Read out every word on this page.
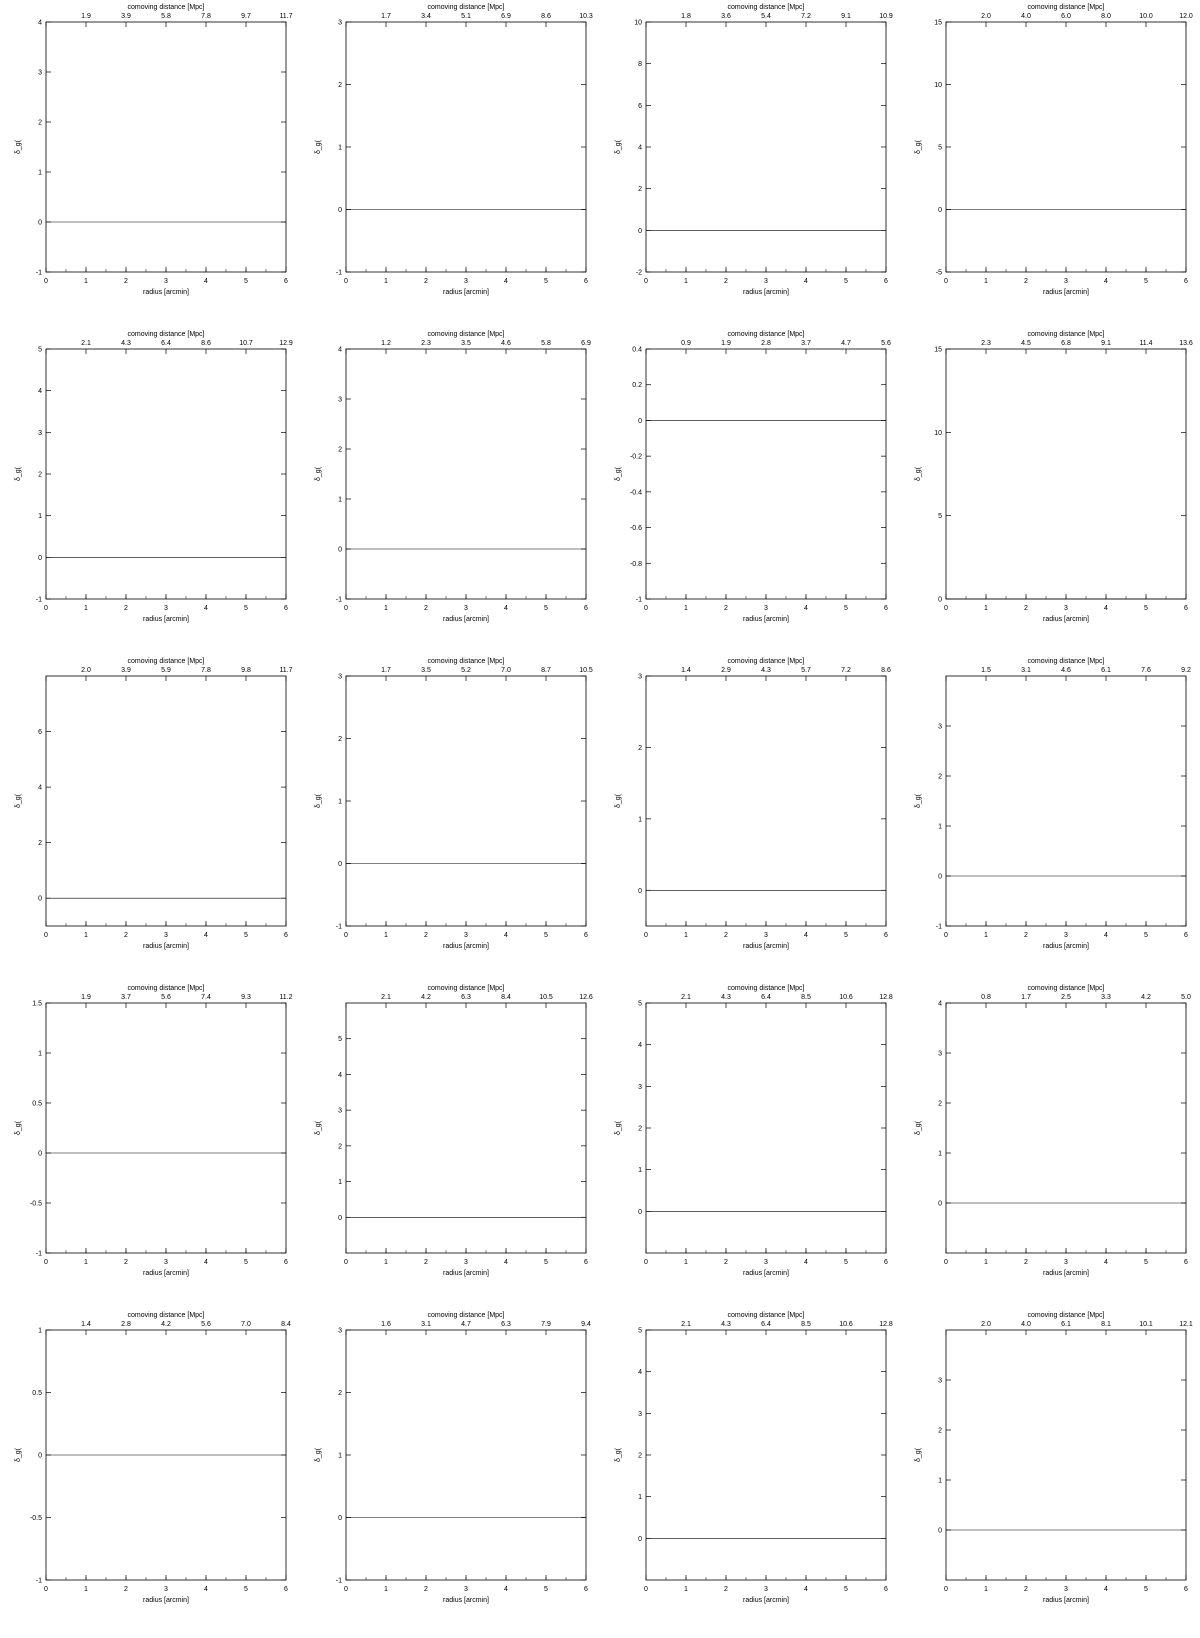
0	1	2	3	4	5	6
-1
0
1
2
3
4
1.9	3.9	5.8	7.8	9.7	11.7
comoving distance [Mpc]
radius [arcmin]
δ_g(
0	1	2	3	4	5	6
-1
0
1
2
3
1.7	3.4	5.1	6.9	8.6	10.3
comoving distance [Mpc]
radius [arcmin]
δ_g(
0	1	2	3	4	5	6
-2
0
2
4
6
8
10
1.8	3.6	5.4	7.2	9.1	10.9
comoving distance [Mpc]
radius [arcmin]
δ_g(
0	1	2	3	4	5	6
-5
0
5
10
15
2.0	4.0	6.0	8.0	10.0	12.0
comoving distance [Mpc]
radius [arcmin]
δ_g(
0	1	2	3	4	5	6
-1
0
1
2
3
4
5
2.1	4.3	6.4	8.6	10.7	12.9
comoving distance [Mpc]
radius [arcmin]
δ_g(
0	1	2	3	4	5	6
-1
0
1
2
3
4
1.2	2.3	3.5	4.6	5.8	6.9
comoving distance [Mpc]
radius [arcmin]
δ_g(
0	1	2	3	4	5	6
-1
-0.8
-0.6
-0.4
-0.2
0
0.2
0.4
0.9	1.9	2.8	3.7	4.7	5.6
comoving distance [Mpc]
radius [arcmin]
δ_g(
0	1	2	3	4	5	6
0
5
10
15
2.3	4.5	6.8	9.1	11.4	13.6
comoving distance [Mpc]
radius [arcmin]
δ_g(
0	1	2	3	4	5	6
0
2
4
6
2.0	3.9	5.9	7.8	9.8	11.7
comoving distance [Mpc]
radius [arcmin]
δ_g(
0	1	2	3	4	5	6
-1
0
1
2
3
1.7	3.5	5.2	7.0	8.7	10.5
comoving distance [Mpc]
radius [arcmin]
δ_g(
0	1	2	3	4	5	6
0
1
2
3
1.4	2.9	4.3	5.7	7.2	8.6
comoving distance [Mpc]
radius [arcmin]
δ_g(
0	1	2	3	4	5	6
-1
0
1
2
3
1.5	3.1	4.6	6.1	7.6	9.2
comoving distance [Mpc]
radius [arcmin]
δ_g(
0	1	2	3	4	5	6
-1
-0.5
0
0.5
1
1.5
1.9	3.7	5.6	7.4	9.3	11.2
comoving distance [Mpc]
radius [arcmin]
δ_g(
0	1	2	3	4	5	6
0
1
2
3
4
5
2.1	4.2	6.3	8.4	10.5	12.6
comoving distance [Mpc]
radius [arcmin]
δ_g(
0	1	2	3	4	5	6
0
1
2
3
4
5
2.1	4.3	6.4	8.5	10.6	12.8
comoving distance [Mpc]
radius [arcmin]
δ_g(
0	1	2	3	4	5	6
0
1
2
3
4
0.8	1.7	2.5	3.3	4.2	5.0
comoving distance [Mpc]
radius [arcmin]
δ_g(
0	1	2	3	4	5	6
-1
-0.5
0
0.5
1
1.4	2.8	4.2	5.6	7.0	8.4
comoving distance [Mpc]
radius [arcmin]
δ_g(
0	1	2	3	4	5	6
-1
0
1
2
3
1.6	3.1	4.7	6.3	7.9	9.4
comoving distance [Mpc]
radius [arcmin]
δ_g(
0	1	2	3	4	5	6
0
1
2
3
4
5
2.1	4.3	6.4	8.5	10.6	12.8
comoving distance [Mpc]
radius [arcmin]
δ_g(
0	1	2	3	4	5	6
0
1
2
3
2.0	4.0	6.1	8.1	10.1	12.1
comoving distance [Mpc]
radius [arcmin]
δ_g(
